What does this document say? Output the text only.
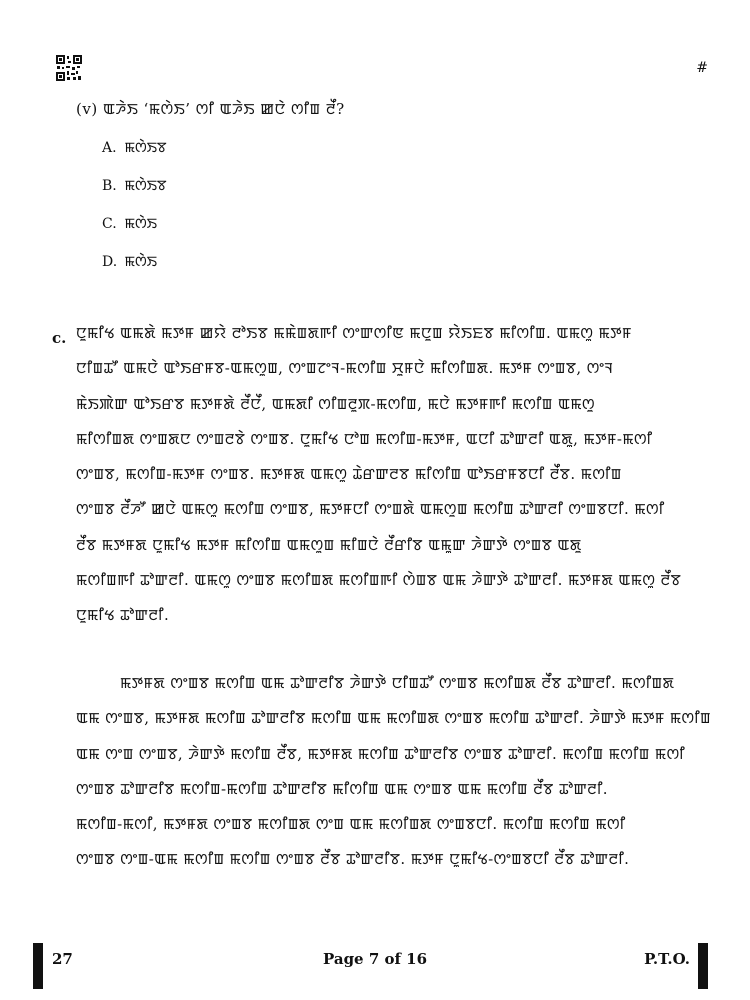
#
(v) ꯑꯍꯥꯏ ‘ꯃꯁꯥꯏ’ ꯁꯤ ꯑꯍꯥꯏ ꯀꯅꯥ ꯁꯤꯡ ꯂꯩ?
A. ꯃꯁꯥꯏꯕ
B. ꯃꯁꯥꯏꯕ
C. ꯃꯁꯥꯏ
D. ꯃꯁꯥꯏ
c. ꯅꯨꯃꯤꯠ ꯑꯃꯗꯥ ꯃꯇꯝ ꯀꯌꯥ ꯂꯣꯏꯕ ꯃꯃꯥꯡꯗꯒꯤ ꯁꯦꯛꯁꯤꯟ ꯃꯅꯨꯡ ꯌꯥꯏꯐꯕ ꯃꯤꯁꯤꯡ. ꯑꯃꯁꯨ ꯃꯇꯝ
ꯅꯤꯡꯊꯧ ꯑꯃꯅꯥ ꯑꯣꯏꯔꯝꯕ-ꯑꯃꯁꯨꯡ, ꯁꯦꯡꯖꯦꯜ-ꯃꯁꯤꯡ ꯆꯨꯝꯅꯥ ꯃꯤꯁꯤꯡꯗ. ꯃꯇꯝ ꯁꯦꯡꯕ, ꯁꯦꯜ
ꯃꯥꯏꯄꯥꯛ ꯑꯣꯏꯔꯕ ꯃꯇꯝꯗꯥ ꯂꯩꯅꯩ, ꯑꯃꯗꯤ ꯁꯤꯡꯂꯨꯞ-ꯃꯁꯤꯡ, ꯃꯅꯥ ꯃꯇꯝꯒꯤ ꯃꯁꯤꯡ ꯑꯃꯁꯨ
ꯃꯤꯁꯤꯡꯗ ꯁꯦꯡꯗꯅ ꯁꯦꯡꯂꯕꯥ ꯁꯦꯡꯕ. ꯅꯨꯃꯤꯠ ꯅꯣꯡ ꯃꯁꯤꯡ-ꯃꯇꯝ, ꯑꯅꯤ ꯊꯣꯛꯂꯤ ꯑꯗꯨ, ꯃꯇꯝ-ꯃꯁꯤ
ꯁꯦꯡꯕ, ꯃꯁꯤꯡ-ꯃꯇꯝ ꯁꯦꯡꯕ. ꯃꯇꯝꯗ ꯑꯃꯁꯨ ꯊꯥꯔꯛꯂꯕ ꯃꯤꯁꯤꯡ ꯑꯣꯏꯔꯝꯕꯅꯤ ꯂꯩꯕ. ꯃꯁꯤꯡ
ꯁꯦꯡꯕ ꯂꯩꯍꯧ ꯀꯅꯥ ꯑꯃꯁꯨ ꯃꯁꯤꯡ ꯁꯦꯡꯕ, ꯃꯇꯝꯅꯤ ꯁꯦꯡꯗꯥ ꯑꯃꯁꯨꯡ ꯃꯁꯤꯡ ꯊꯣꯛꯂꯤ ꯁꯦꯡꯕꯅꯤ. ꯃꯁꯤ
ꯂꯩꯕ ꯃꯇꯝꯗ ꯅꯨꯃꯤꯠ ꯃꯇꯝ ꯃꯤꯁꯤꯡ ꯑꯃꯁꯨꯡ ꯃꯤꯡꯅꯥ ꯂꯩꯔꯤꯕ ꯑꯃꯨꯛ ꯍꯥꯛꯇꯥ ꯁꯦꯡꯕ ꯑꯗꯨ
ꯃꯁꯤꯡꯒꯤ ꯊꯣꯛꯂꯤ. ꯑꯃꯁꯨ ꯁꯦꯡꯕ ꯃꯁꯤꯡꯗ ꯃꯁꯤꯡꯒꯤ ꯁꯥꯡꯕ ꯑꯃ ꯍꯥꯛꯇꯥ ꯊꯣꯛꯂꯤ. ꯃꯇꯝꯗ ꯑꯃꯁꯨ ꯂꯩꯕ
ꯅꯨꯃꯤꯠ ꯊꯣꯛꯂꯤ.
ꯃꯇꯝꯗ ꯁꯦꯡꯕ ꯃꯁꯤꯡ ꯑꯃ ꯊꯣꯛꯂꯤꯕ ꯍꯥꯛꯇꯥ ꯅꯤꯡꯊꯧ ꯁꯦꯡꯕ ꯃꯁꯤꯡꯗ ꯂꯩꯕ ꯊꯣꯛꯂꯤ. ꯃꯁꯤꯡꯗ
ꯑꯃ ꯁꯦꯡꯕ, ꯃꯇꯝꯗ ꯃꯁꯤꯡ ꯊꯣꯛꯂꯤꯕ ꯃꯁꯤꯡ ꯑꯃ ꯃꯁꯤꯡꯗ ꯁꯦꯡꯕ ꯃꯁꯤꯡ ꯊꯣꯛꯂꯤ. ꯍꯥꯛꯇꯥ ꯃꯇꯝ ꯃꯁꯤꯡ
ꯑꯃ ꯁꯦꯡ ꯁꯦꯡꯕ, ꯍꯥꯛꯇꯥ ꯃꯁꯤꯡ ꯂꯩꯕ, ꯃꯇꯝꯗ ꯃꯁꯤꯡ ꯊꯣꯛꯂꯤꯕ ꯁꯦꯡꯕ ꯊꯣꯛꯂꯤ. ꯃꯁꯤꯡ ꯃꯁꯤꯡ ꯃꯁꯤ
ꯁꯦꯡꯕ ꯊꯣꯛꯂꯤꯕ ꯃꯁꯤꯡ-ꯃꯁꯤꯡ ꯊꯣꯛꯂꯤꯕ ꯃꯤꯁꯤꯡ ꯑꯃ ꯁꯦꯡꯕ ꯑꯃ ꯃꯁꯤꯡ ꯂꯩꯕ ꯊꯣꯛꯂꯤ.
ꯃꯁꯤꯡ-ꯃꯁꯤ, ꯃꯇꯝꯗ ꯁꯦꯡꯕ ꯃꯁꯤꯡꯗ ꯁꯦꯡ ꯑꯃ ꯃꯁꯤꯡꯗ ꯁꯦꯡꯕꯅꯤ. ꯃꯁꯤꯡ ꯃꯁꯤꯡ ꯃꯁꯤ
ꯁꯦꯡꯕ ꯁꯦꯡ-ꯑꯃ ꯃꯁꯤꯡ ꯃꯁꯤꯡ ꯁꯦꯡꯕ ꯂꯩꯕ ꯊꯣꯛꯂꯤꯕ. ꯃꯇꯝ ꯅꯨꯃꯤꯠ-ꯁꯦꯡꯕꯅꯤ ꯂꯩꯕ ꯊꯣꯛꯂꯤ.
27	Page 7 of 16	P.T.O.
